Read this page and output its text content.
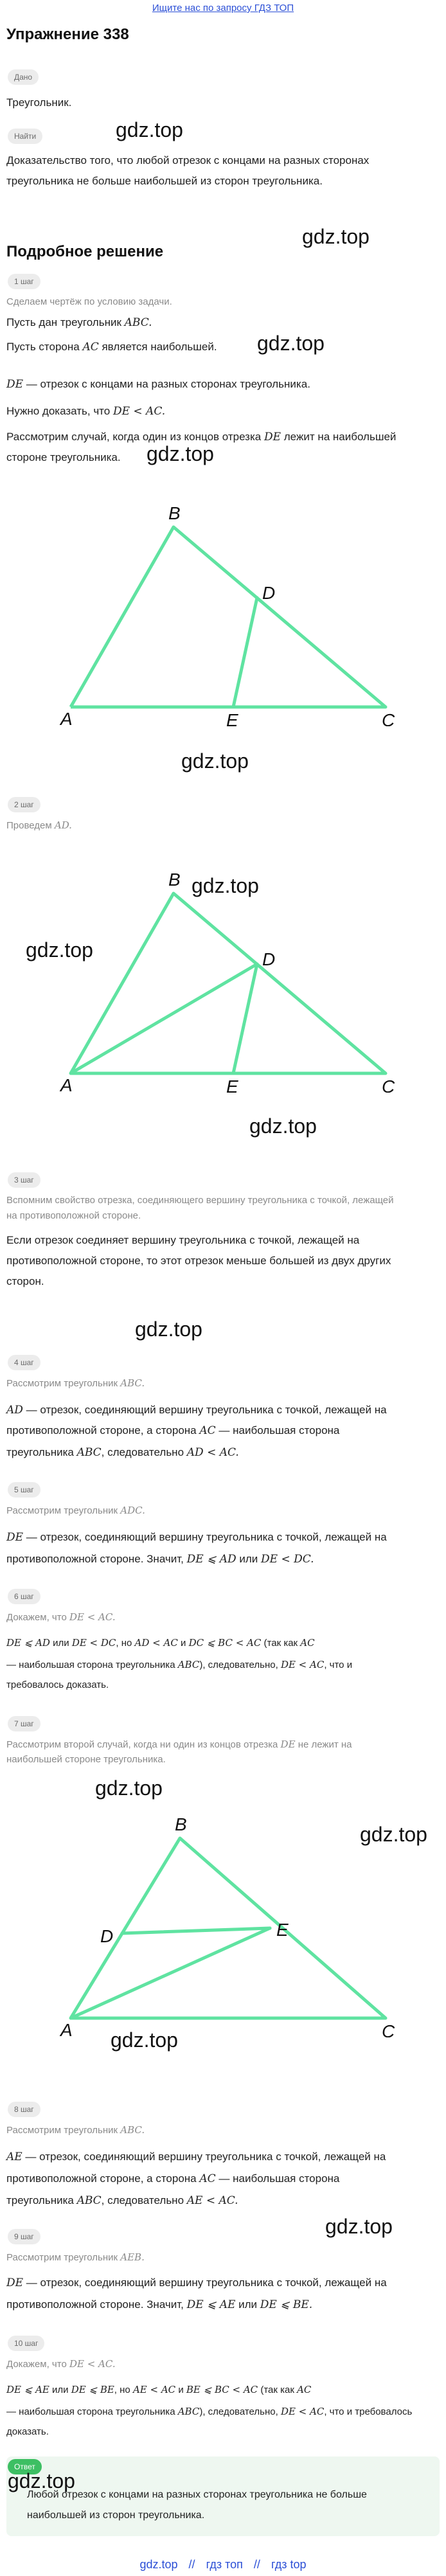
Ищите нас по запросу ГДЗ ТОП
Упражнение 338
Дано
Треугольник.
Найти
Доказательство того, что любой отрезок с концами на разных сторонах
треугольника не больше наибольшей из сторон треугольника.
gdz.top
gdz.top
Подробное решение
1 шаг
Сделаем чертёж по условию задачи.
Пусть дан треугольник ABC.
Пусть сторона AC является наибольшей.	gdz.top
DE — отрезок с концами на разных сторонах треугольника.
Нужно доказать, что DE < AC.
Рассмотрим случай, когда один из концов отрезка DE лежит на наибольшей
стороне треугольника.	gdz.top
B
D
A	E	C
gdz.top
2 шаг
Проведем AD.
B
D
A	E	C
gdz.top
gdz.top
gdz.top
3 шаг
Вспомним свойство отрезка, соединяющего вершину треугольника с точкой, лежащей
на противоположной стороне.
Если отрезок соединяет вершину треугольника с точкой, лежащей на
противоположной стороне, то этот отрезок меньше большей из двух других
сторон.
gdz.top
4 шаг
Рассмотрим треугольник ABC.
AD — отрезок, соединяющий вершину треугольника с точкой, лежащей на
противоположной стороне, а сторона AC — наибольшая сторона
треугольника ABC, следовательно AD < AC.
5 шаг
Рассмотрим треугольник ADC.
DE — отрезок, соединяющий вершину треугольника с точкой, лежащей на
противоположной стороне. Значит, DE ⩽ AD или DE < DC.
6 шаг
Докажем, что DE < AC.
DE ⩽ AD или DE < DC, но AD < AC и DC ⩽ BC < AC (так как AC
— наибольшая сторона треугольника ABC), следовательно, DE < AC, что и
требовалось доказать.
7 шаг
Рассмотрим второй случай, когда ни один из концов отрезка DE не лежит на
наибольшей стороне треугольника.
gdz.top
gdz.top
B
D	E
A	C
gdz.top
8 шаг
Рассмотрим треугольник ABC.
AE — отрезок, соединяющий вершину треугольника с точкой, лежащей на
противоположной стороне, а сторона AC — наибольшая сторона
треугольника ABC, следовательно AE < AC.
gdz.top
9 шаг
Рассмотрим треугольник AEB.
DE — отрезок, соединяющий вершину треугольника с точкой, лежащей на
противоположной стороне. Значит, DE ⩽ AE или DE ⩽ BE.
10 шаг
Докажем, что DE < AC.
DE ⩽ AE или DE ⩽ BE, но AE < AC и BE ⩽ BC < AC (так как AC
— наибольшая сторона треугольника ABC), следовательно, DE < AC, что и требовалось
доказать.
Ответ
gdz.top
Любой отрезок с концами на разных сторонах треугольника не больше
наибольшей из сторон треугольника.
gdz.top // гдз топ // гдз top
